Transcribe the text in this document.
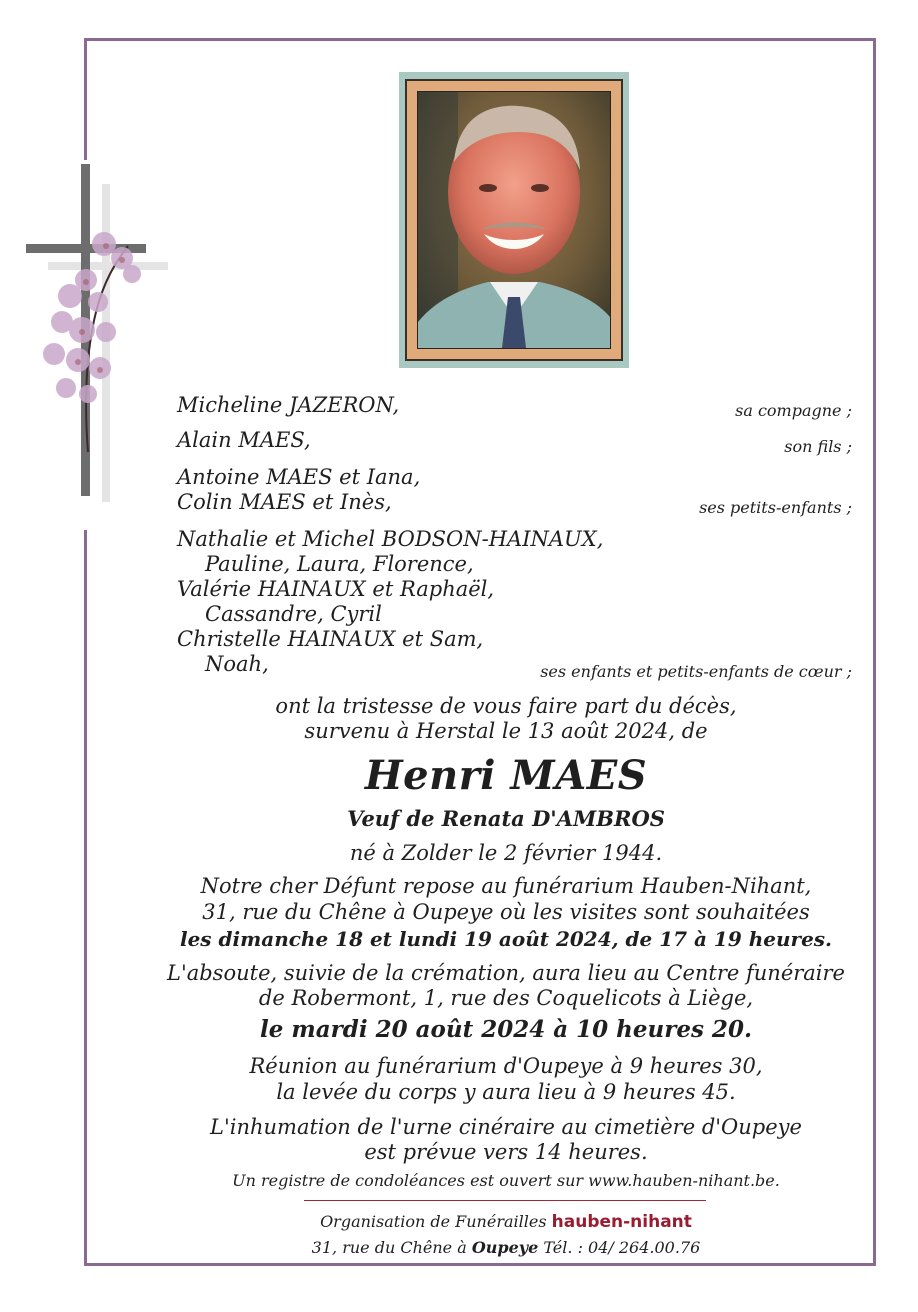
Micheline JAZERON,	sa compagne ;
Alain MAES,	son fils ;
Antoine MAES et Iana,
Colin MAES et Inès,	ses petits-enfants ;
Nathalie et Michel BODSON-HAINAUX,
Pauline, Laura, Florence,
Valérie HAINAUX et Raphaël,
Cassandre, Cyril
Christelle HAINAUX et Sam,
Noah,	ses enfants et petits-enfants de cœur ;
ont la tristesse de vous faire part du décès,
survenu à Herstal le 13 août 2024, de
Henri MAES
Veuf de Renata D'AMBROS
né à Zolder le 2 février 1944.
Notre cher Défunt repose au funérarium Hauben-Nihant,
31, rue du Chêne à Oupeye où les visites sont souhaitées
les dimanche 18 et lundi 19 août 2024, de 17 à 19 heures.
L'absoute, suivie de la crémation, aura lieu au Centre funéraire
de Robermont, 1, rue des Coquelicots à Liège,
le mardi 20 août 2024 à 10 heures 20.
Réunion au funérarium d'Oupeye à 9 heures 30,
la levée du corps y aura lieu à 9 heures 45.
L'inhumation de l'urne cinéraire au cimetière d'Oupeye
est prévue vers 14 heures.
Un registre de condoléances est ouvert sur www.hauben-nihant.be.
Organisation de Funérailles hauben-nihant
31, rue du Chêne à Oupeye Tél. : 04/ 264.00.76
